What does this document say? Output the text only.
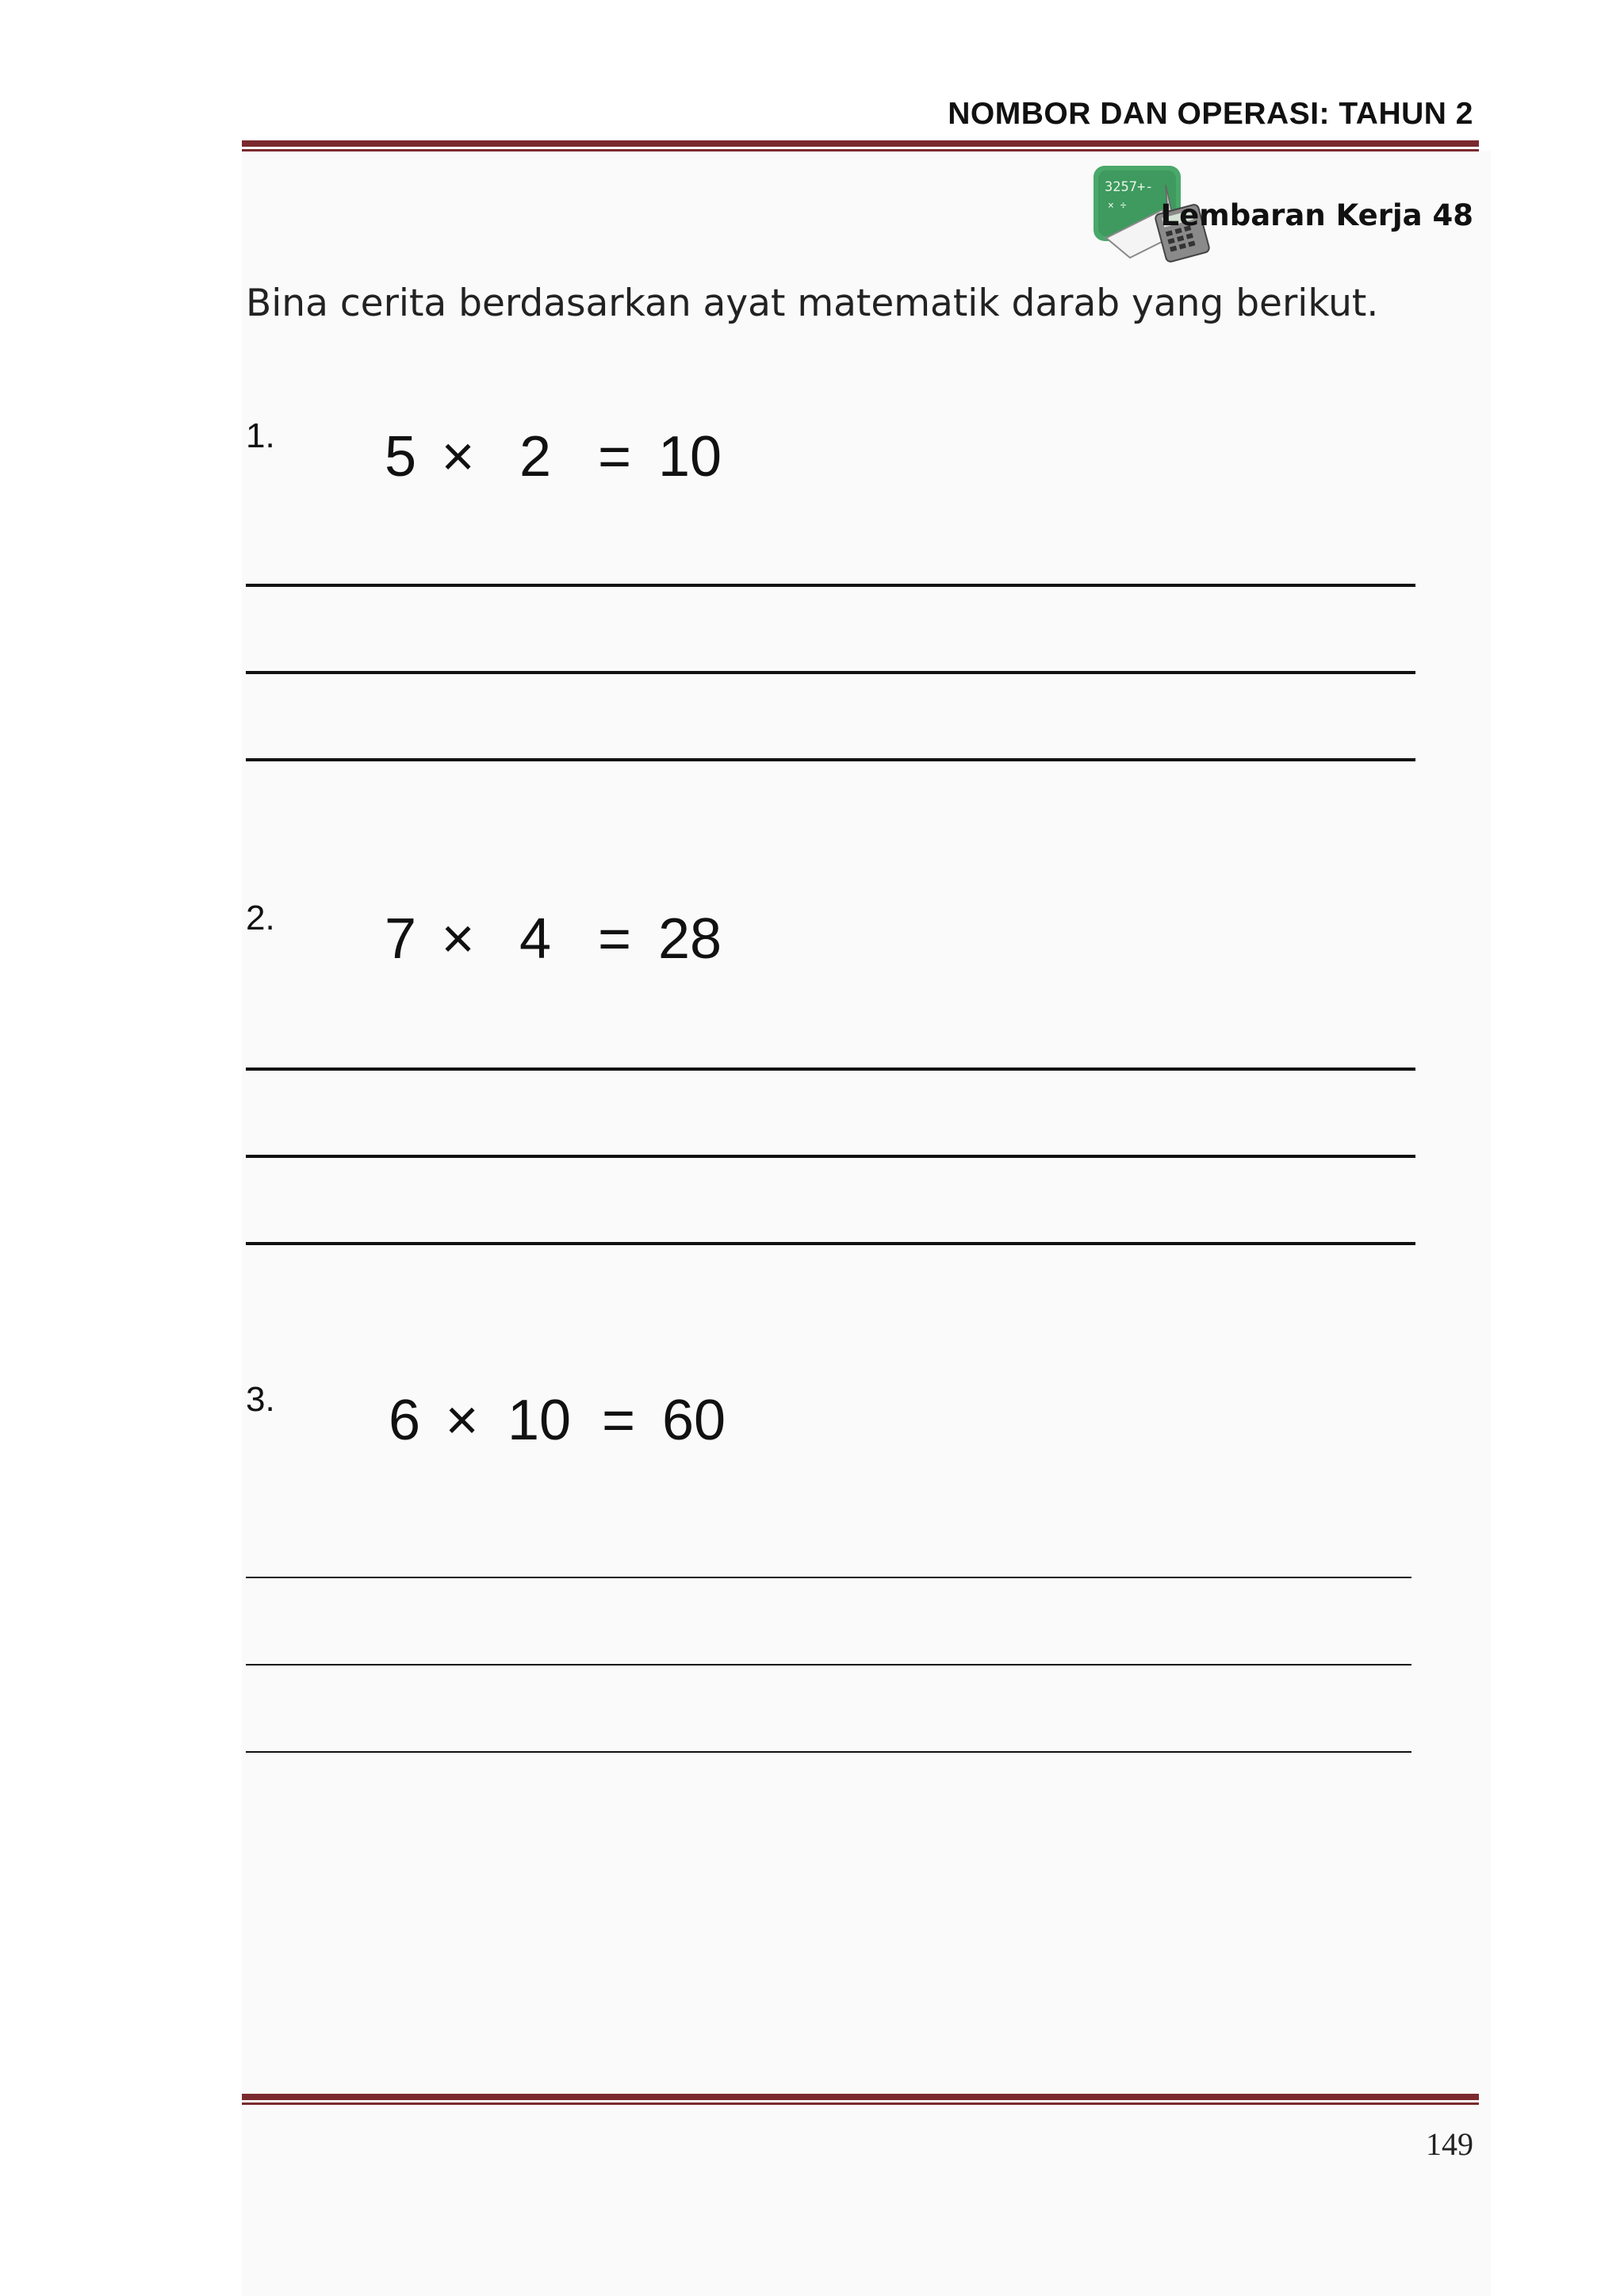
NOMBOR DAN OPERASI: TAHUN 2
3257+-
× ÷ Lembaran Kerja 48
Bina cerita berdasarkan ayat matematik darab yang berikut.
1. 5 × 2 = 10
2. 7 × 4 = 28
3. 6 × 10 = 60
149
